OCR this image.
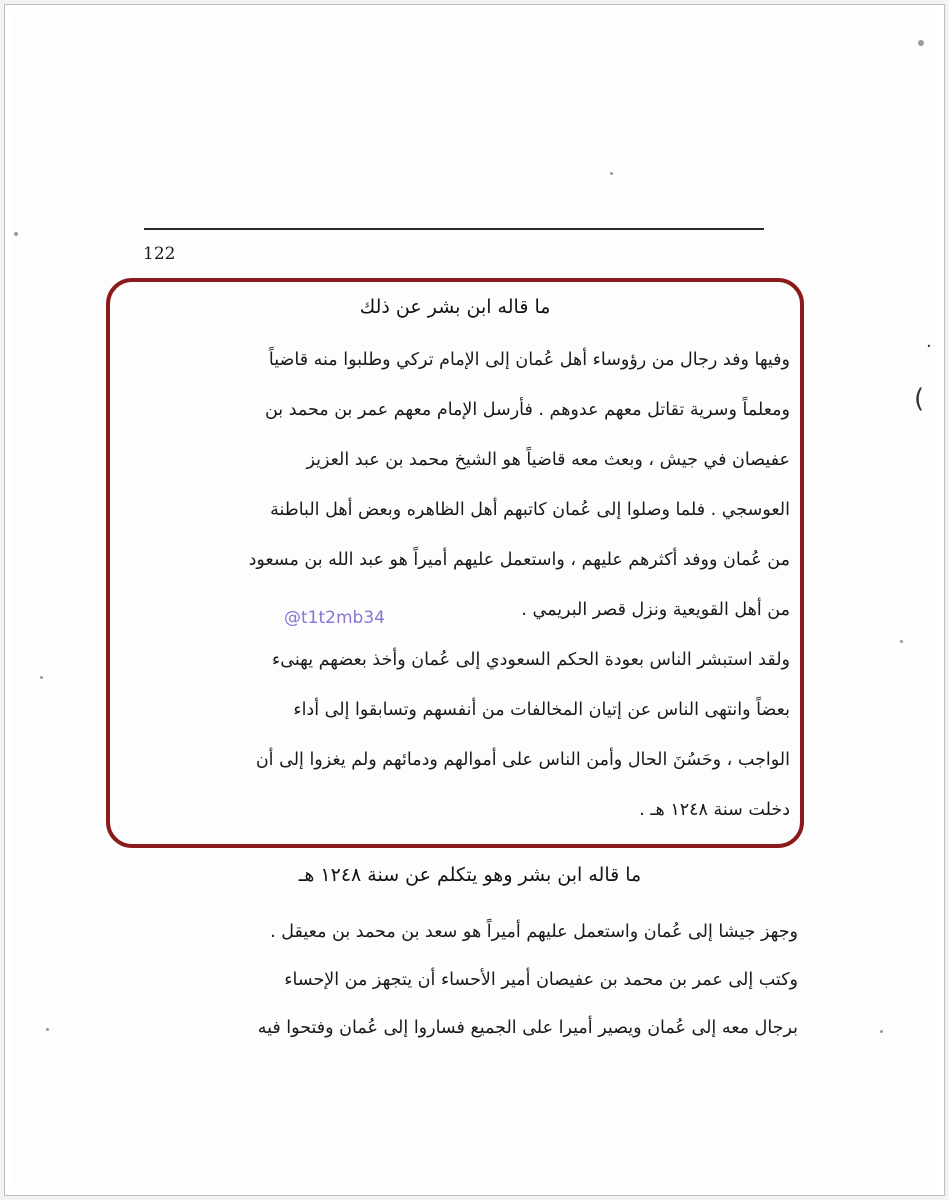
122
ما قاله ابن بشر عن ذلك
وفيها وفد رجال من رؤوساء أهل عُمان إلى الإمام تركي وطلبوا منه قاضياً
ومعلماً وسرية تقاتل معهم عدوهم . فأرسل الإمام معهم عمر بن محمد بن
عفيصان في جيش ، وبعث معه قاضياً هو الشيخ محمد بن عبد العزيز
العوسجي . فلما وصلوا إلى عُمان كاتبهم أهل الظاهره وبعض أهل الباطنة
من عُمان ووفد أكثرهم عليهم ، واستعمل عليهم أميراً هو عبد الله بن مسعود
من أهل القويعية ونزل قصر البريمي .
@t1t2mb34
ولقد استبشر الناس بعودة الحكم السعودي إلى عُمان وأخذ بعضهم يهنىء
بعضاً وانتهى الناس عن إتيان المخالفات من أنفسهم وتسابقوا إلى أداء
الواجب ، وحَسُنَ الحال وأمن الناس على أموالهم ودمائهم ولم يغزوا إلى أن
دخلت سنة ١٢٤٨ هـ .
ما قاله ابن بشر وهو يتكلم عن سنة ١٢٤٨ هـ
وجهز جيشا إلى عُمان واستعمل عليهم أميراً هو سعد بن محمد بن معيقل .
وكتب إلى عمر بن محمد بن عفيصان أمير الأحساء أن يتجهز من الإحساء
برجال معه إلى عُمان ويصير أميرا على الجميع فساروا إلى عُمان وفتحوا فيه
·
(
